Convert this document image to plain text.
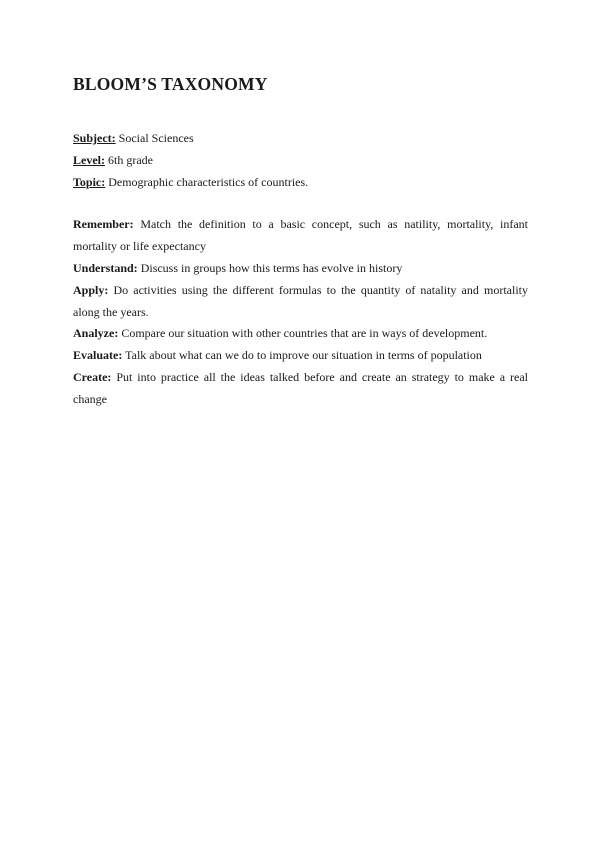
BLOOM’S TAXONOMY
Subject: Social Sciences
Level: 6th grade
Topic: Demographic characteristics of countries.

Remember: Match the definition to a basic concept, such as natility, mortality, infant mortality or life expectancy

Understand: Discuss in groups how this terms has evolve in history

Apply: Do activities using the different formulas to the quantity of natality and mortality along the years.

Analyze: Compare our situation with other countries that are in ways of development.

Evaluate: Talk about what can we do to improve our situation in terms of population

Create: Put into practice all the ideas talked before and create an strategy to make a real change
